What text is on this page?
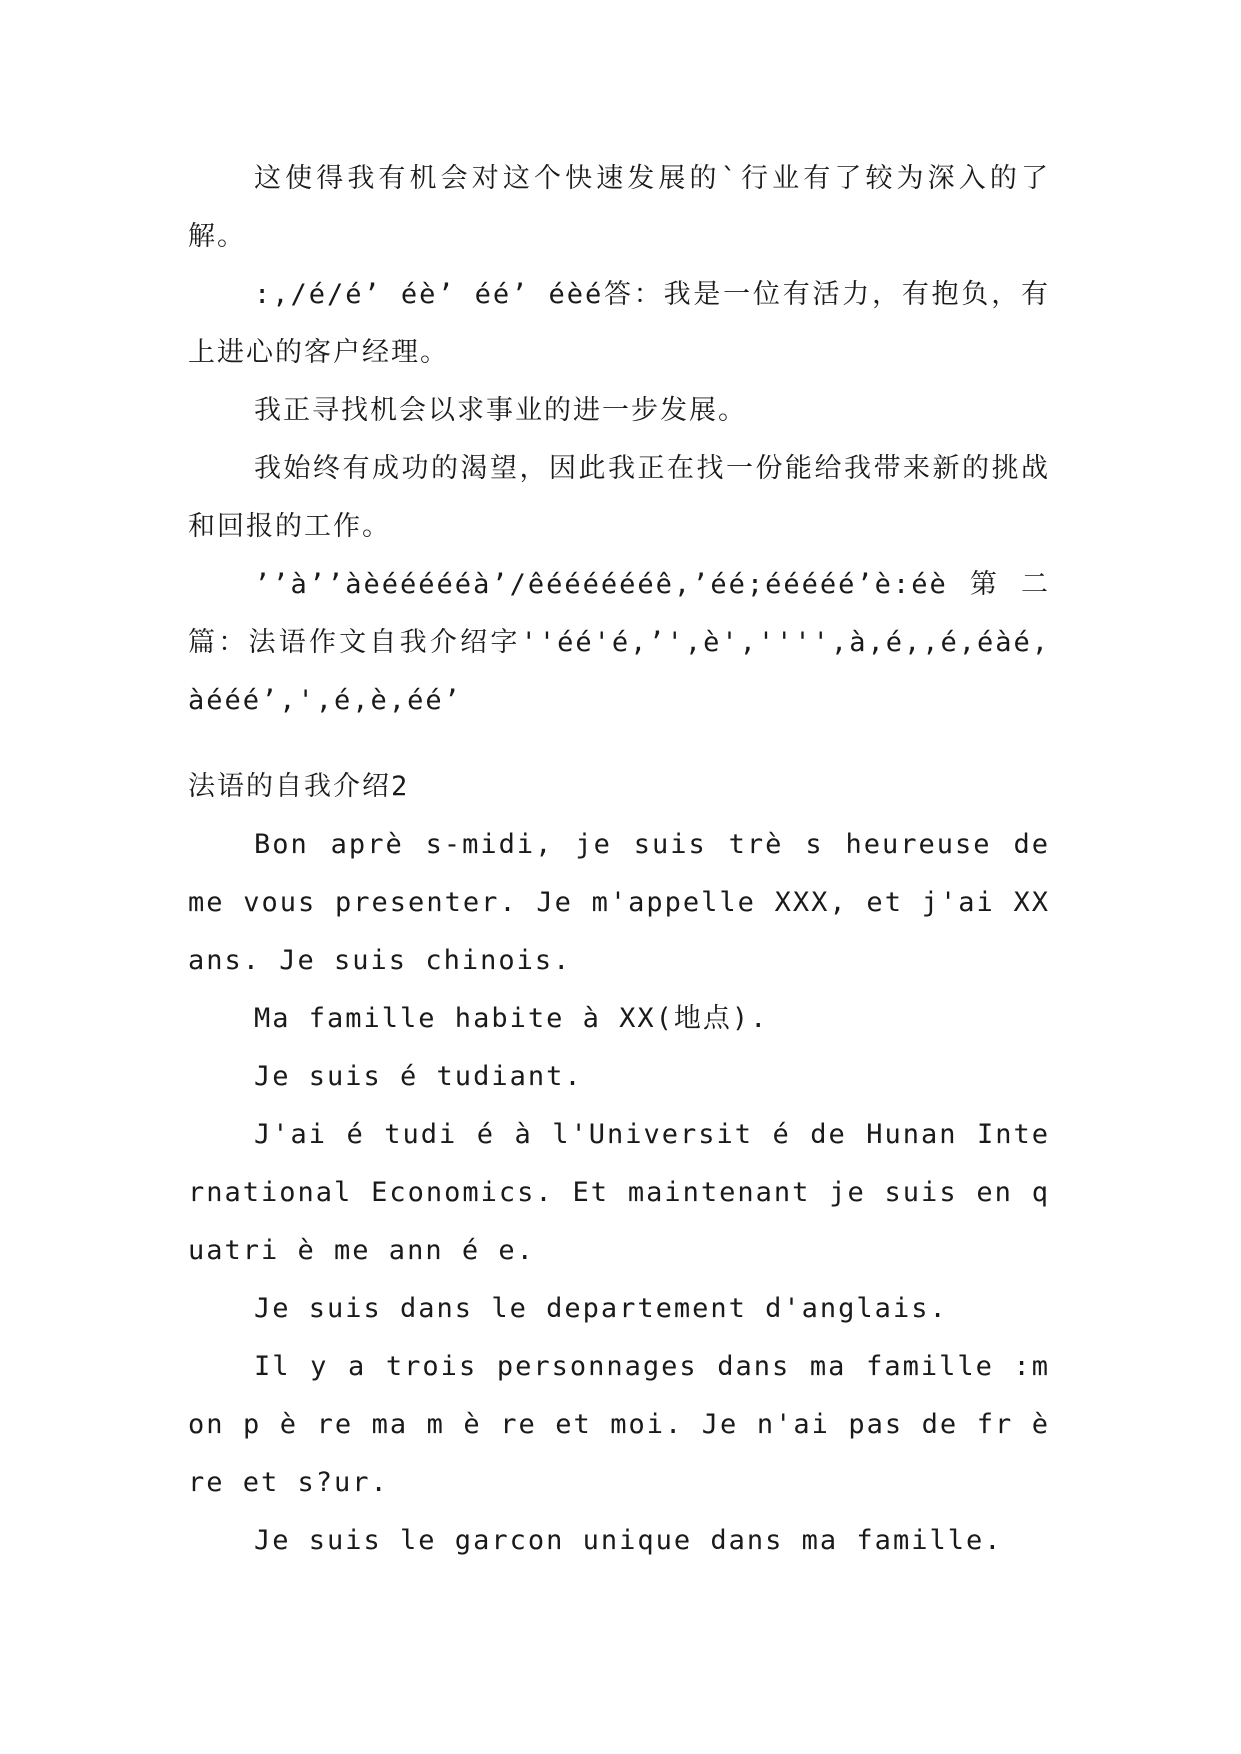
这使得我有机会对这个快速发展的`行业有了较为深入的了解。

:,/é/é’ éè’ éé’ éèé答：我是一位有活力，有抱负，有上进心的客户经理。

我正寻找机会以求事业的进一步发展。

我始终有成功的渴望，因此我正在找一份能给我带来新的挑战和回报的工作。

’’à’’àèéééééà’/êééééééê,’éé;ééééé’è:éè第二篇：法语作文自我介绍字''éé'é,’',è','''',à,é,,é,éàé,àééé’,',é,è,éé’

法语的自我介绍2

Bon aprè s-midi, je suis trè s heureuse de me vous presenter. Je m'appelle XXX, et j'ai XX ans. Je suis chinois.

Ma famille habite à XX(地点).

Je suis é tudiant.

J'ai é tudi é à l'Universit é de Hunan International Economics. Et maintenant je suis en quatri è me ann é e.

Je suis dans le departement d'anglais.

Il y a trois personnages dans ma famille :mon p è re ma m è re et moi. Je n'ai pas de fr è re et s?ur.

Je suis le garcon unique dans ma famille.
